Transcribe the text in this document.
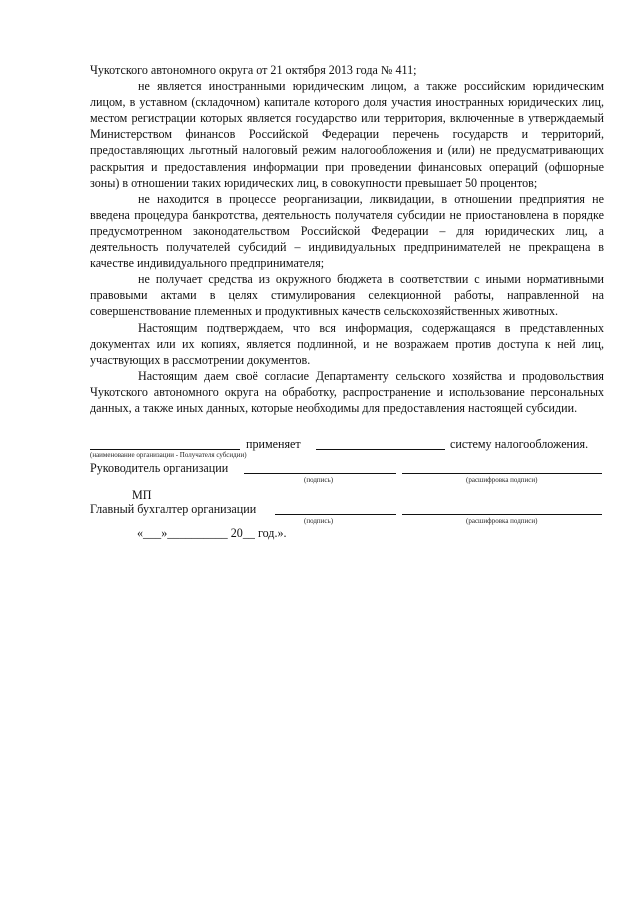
Чукотского автономного округа от 21 октября 2013 года № 411;

не является иностранными юридическим лицом, а также российским юридическим лицом, в уставном (складочном) капитале которого доля участия иностранных юридических лиц, местом регистрации которых является государство или территория, включенные в утверждаемый Министерством финансов Российской Федерации перечень государств и территорий, предоставляющих льготный налоговый режим налогообложения и (или) не предусматривающих раскрытия и предоставления информации при проведении финансовых операций (офшорные зоны) в отношении таких юридических лиц, в совокупности превышает 50 процентов;

не находится в процессе реорганизации, ликвидации, в отношении предприятия не введена процедура банкротства, деятельность получателя субсидии не приостановлена в порядке предусмотренном законодательством Российской Федерации – для юридических лиц, а деятельность получателей субсидий – индивидуальных предпринимателей не прекращена в качестве индивидуального предпринимателя;

не получает средства из окружного бюджета в соответствии с иными нормативными правовыми актами в целях стимулирования селекционной работы, направленной на совершенствование племенных и продуктивных качеств сельскохозяйственных животных.

Настоящим подтверждаем, что вся информация, содержащаяся в представленных документах или их копиях, является подлинной, и не возражаем против доступа к ней лиц, участвующих в рассмотрении документов.

Настоящим даем своё согласие Департаменту сельского хозяйства и продовольствия Чукотского автономного округа на обработку, распространение и использование персональных данных, а также иных данных, которые необходимы для предоставления настоящей субсидии.

применяет	систему налогообложения.
(наименование организации - Получателя субсидии)
Руководитель организации
(подпись)	(расшифровка подписи)
МП
Главный бухгалтер организации
(подпись)	(расшифровка подписи)
«___»__________ 20__ год.».
